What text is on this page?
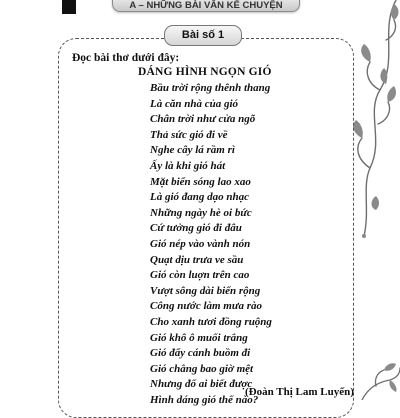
A – NHỮNG BÀI VĂN KỂ CHUYỆN
Bài số 1
Đọc bài thơ dưới đây:
DÁNG HÌNH NGỌN GIÓ
Bầu trời rộng thênh thang
Là căn nhà của gió
Chân trời như cửa ngõ
Thả sức gió đi về
Nghe cây lá rầm rì
Ấy là khi gió hát
Mặt biển sóng lao xao
Là gió đang dạo nhạc
Những ngày hè oi bức
Cứ tưởng gió đi đâu
Gió nép vào vành nón
Quạt dịu trưa ve sầu
Gió còn luợn trên cao
Vượt sông dài biển rộng
Công nước làm mưa rào
Cho xanh tươi đồng ruộng
Gió khô ô muối trắng
Gió đẩy cánh buồm đi
Gió chẳng bao giờ mệt
Nhưng đố ai biết được
Hình dáng gió thế nào?
(Đoàn Thị Lam Luyến)
